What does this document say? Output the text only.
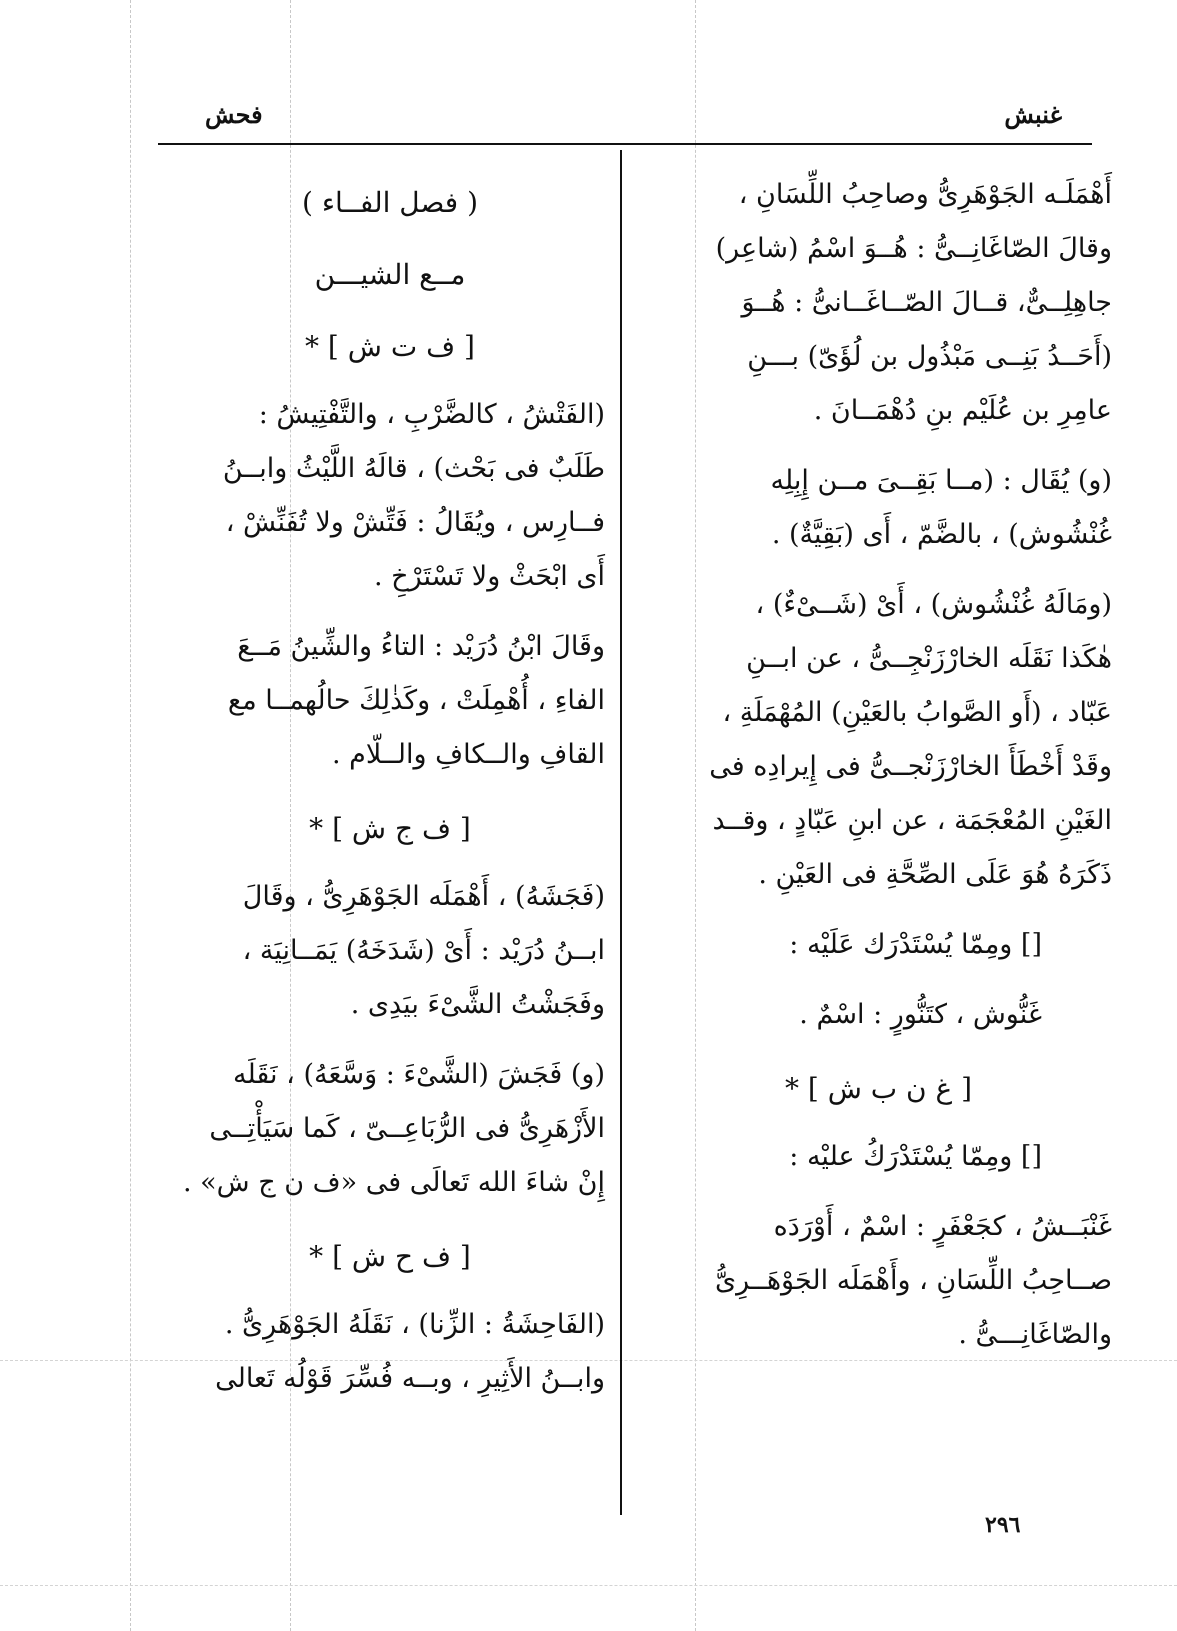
غنبش
فحش

أَهْمَلَـه الجَوْهَرِىُّ وصاحِبُ اللِّسَانِ ،
وقالَ الصّاغَانِــىُّ : هُــوَ اسْمُ (شاعِر)
جاهِلِــىٌّ، قــالَ الصّــاغَــانىُّ : هُــوَ
(أَحَــدُ بَنِــى مَبْذُول بن لُؤَىّ) بـــنِ
عامِرِ بن عُلَيْم بنِ دُهْمَــانَ .

(و) يُقَال : (مــا بَقِــىَ مــن إِبِلِه
غُنْشُوش) ، بالضَّمّ ، أَى (بَقِيَّةٌ) .

(ومَالَهُ غُنْشُوش) ، أَىْ (شَــىْءٌ) ،
هٰكَذا نَقَلَه الخارْزَنْجِــىُّ ، عن ابــنِ
عَبّاد ، (أَو الصَّوابُ بالعَيْنِ) المُهْمَلَةِ ،
وقَدْ أَخْطَأَ الخارْزَنْجــىُّ فى إِيرادِه فى
الغَيْنِ المُعْجَمَة ، عن ابنِ عَبّادٍ ، وقــد
ذَكَرَهُ هُوَ عَلَى الصِّحَّةِ فى العَيْنِ .

[] ومِمّا يُسْتَدْرَك عَلَيْه :

غَنُّوش ، كتَنُّورٍ : اسْمٌ .

[ غ ن ب ش ] *

[] ومِمّا يُسْتَدْرَكُ عليْه :

غَنْبَــشُ ، كجَعْفَرٍ : اسْمٌ ، أَوْرَدَه
صــاحِبُ اللِّسَانِ ، وأَهْمَلَه الجَوْهَــرِىُّ
والصّاغَانِـــىُّ .

( فصل الفــاء )

مــع الشيـــن

[ ف ت ش ] *

(الفَتْشُ ، كالضَّرْبِ ، والتَّفْتِيشُ :
طَلَبٌ فى بَحْث) ، قالَهُ اللَّيْثُ وابــنُ
فــارِس ، ويُقَالُ : فَتِّشْ ولا تُفَنِّشْ ،
أَى ابْحَثْ ولا تَسْتَرْخِ .

وقَالَ ابْنُ دُرَيْد : التاءُ والشِّينُ مَــعَ
الفاءِ ، أُهْمِلَتْ ، وكَذٰلِكَ حالُهمــا مع
القافِ والــكافِ والــلّام .

[ ف ج ش ] *

(فَجَشَهُ) ، أَهْمَلَه الجَوْهَرِىُّ ، وقَالَ
ابــنُ دُرَيْد : أَىْ (شَدَخَهُ) يَمَــانِيَة ،
وفَجَشْتُ الشَّىْءَ بيَدِى .

(و) فَجَشَ (الشَّىْءَ : وَسَّعَهُ) ، نَقَلَه
الأَزْهَرِىُّ فى الرُّبَاعِــىّ ، كَما سَيَأْتِــى
إِنْ شاءَ الله تَعالَى فى «ف ن ج ش» .

[ ف ح ش ] *

(الفَاحِشَةُ : الزِّنا) ، نَقَلَهُ الجَوْهَرِىُّ .
وابــنُ الأَثِيرِ ، وبــه فُسِّرَ قَوْلُه تَعالى

٢٩٦
